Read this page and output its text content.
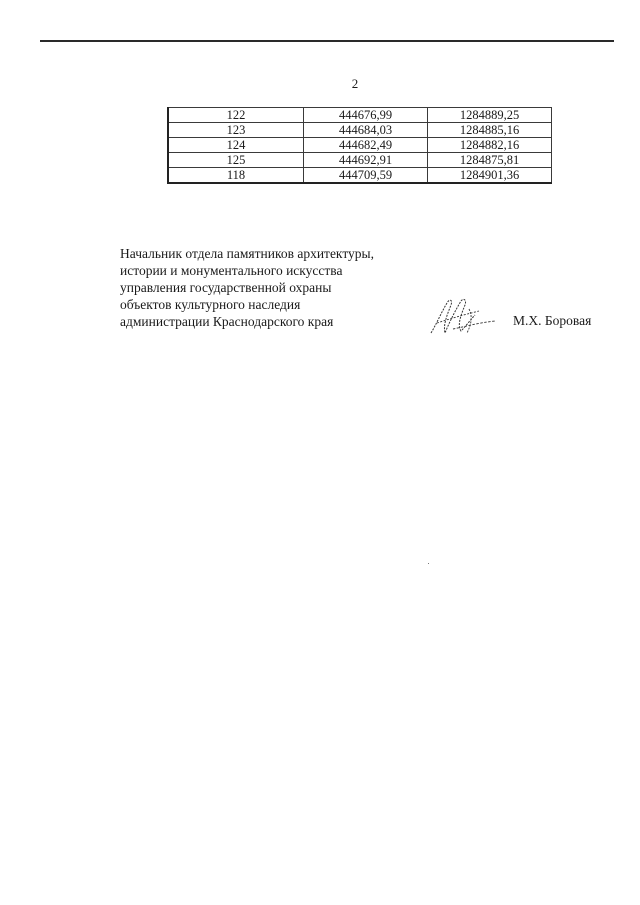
2
122	444676,99	1284889,25
123	444684,03	1284885,16
124	444682,49	1284882,16
125	444692,91	1284875,81
118	444709,59	1284901,36
Начальник отдела памятников архитектуры,
истории и монументального искусства
управления государственной охраны
объектов культурного наследия
администрации Краснодарского края	М.Х. Боровая
